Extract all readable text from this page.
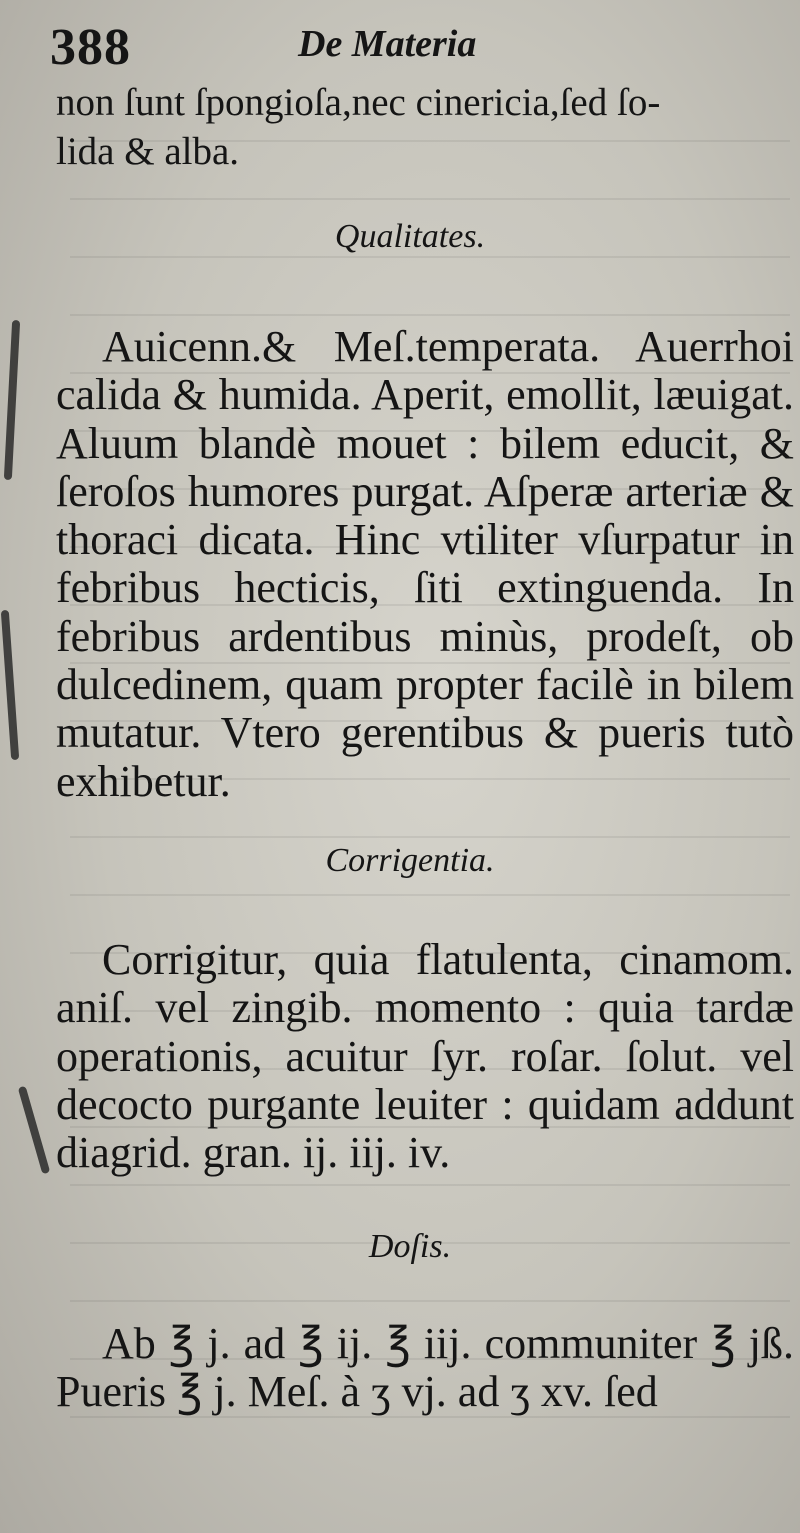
388	De Materia
non ſunt ſpongioſa,nec cinericia,ſed ſo-
lida & alba.
Qualitates.

Auicenn.& Meſ.temperata. Auerrhoi calida & humida. Aperit, emollit, læuigat. Aluum blandè mouet : bilem educit, & ſeroſos humores purgat. Aſperæ arteriæ & thoraci dicata. Hinc vtiliter vſurpatur in febribus hecticis, ſiti extinguenda. In febribus ardentibus minùs, prodeſt, ob dulcedinem, quam propter facilè in bilem mutatur. Vtero gerentibus & pueris tutò exhibetur.

Corrigentia.

Corrigitur, quia flatulenta, cinamom. aniſ. vel zingib. momento : quia tardæ operationis, acuitur ſyr. roſar. ſolut. vel decocto purgante leuiter : quidam addunt diagrid. gran. ij. iij. iv.

Doſis.

Ab ℥ j. ad ℥ ij. ℥ iij. communiter ℥ jß. Pueris ℥ j. Meſ. à ʒ vj. ad ʒ xv. ſed
